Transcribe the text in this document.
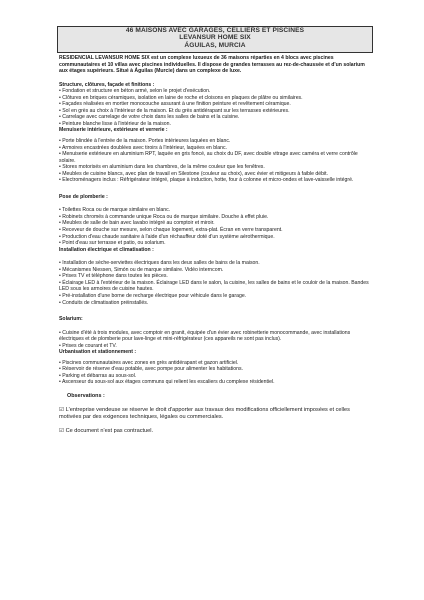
46 MAISONS AVEC GARAGES, CELLIERS ET PISCINES
LEVANSUR HOME SIX
ÁGUILAS, MURCIA

RESIDENCIAL LEVANSUR HOME SIX est un complexe luxueux de 36 maisons réparties en 4 blocs avec piscines communautaires et 10 villas avec piscines individuelles. Il dispose de grandes terrasses au rez-de-chaussée et d'un solarium aux étages supérieurs. Situé à Águilas (Murcie) dans un complexe de luxe.

Structure, clôtures, façade et finitions :

• Fondation et structure en béton armé, selon le projet d'exécution.

• Clôtures en briques céramiques, isolation en laine de roche et cloisons en plaques de plâtre ou similaires.

• Façades réalisées en mortier monocouche assurant à une finition peinture et revêtement céramique.

• Sol en grès au choix à l'intérieur de la maison. Et du grès antidérapant sur les terrasses extérieures.

• Carrelage avec carrelage de votre choix dans les salles de bains et la cuisine.

• Peinture blanche lisse à l'intérieur de la maison.

Menuiserie intérieure, extérieure et verrerie :

• Porte blindée à l'entrée de la maison. Portes intérieures laquées en blanc.

• Armoires encastrées doublées avec tiroirs à l'intérieur, laquées en blanc.

• Menuiserie extérieure en aluminium RPT, laquée en gris foncé, au choix du DF, avec double vitrage avec caméra et verre contrôle solaire.

• Stores motorisés en aluminium dans les chambres, de la même couleur que les fenêtres.

• Meubles de cuisine blancs, avec plan de travail en Silestone (couleur au choix), avec évier et mitigeurs à faible débit.

• Electroménagers inclus : Réfrigérateur intégré, plaque à induction, hotte, four à colonne et micro-ondes et lave-vaisselle intégré.

Pose de plomberie :

• Toilettes Roca ou de marque similaire en blanc.

• Robinets chromés à commande unique Roca ou de marque similaire. Douche à effet pluie.

• Meubles de salle de bain avec lavabo intégré au comptoir et miroir.

• Receveur de douche sur mesure, selon chaque logement, extra-plat. Écran en verre transparent.

• Production d'eau chaude sanitaire à l'aide d'un réchauffeur doté d'un système aérothermique.

• Point d'eau sur terrasse et patio, ou solarium.

Installation électrique et climatisation :

• Installation de sèche-serviettes électriques dans les deux salles de bains de la maison.

• Mécanismes Niessen, Simón ou de marque similaire. Vidéo interncom.

• Prises TV et téléphone dans toutes les pièces.

• Éclairage LED à l'extérieur de la maison. Éclairage LED dans le salon, la cuisine, les salles de bains et le couloir de la maison. Bandes LED sous les armoires de cuisine hautes.

• Pré-installation d'une borne de recharge électrique pour véhicule dans le garage.

• Conduits de climatisation préinstallés.

Solarium:

• Cuisine d'été à trois modules, avec comptoir en granit, équipée d'un évier avec robinetterie monocommande, avec installations électriques et de plomberie pour lave-linge et mini-réfrigérateur (ces appareils ne sont pas inclus).

• Prises de courant et TV.

Urbanisation et stationnement :

• Piscines communautaires avec zones en grès antidérapant et gazon artificiel.

• Réservoir de réserve d'eau potable, avec pompe pour alimenter les habitations.

• Parking et débarras au sous-sol.

• Ascenseur du sous-sol aux étages communs qui relient les escaliers du complexe résidentiel.

Observations :

☑ L'entreprise vendeuse se réserve le droit d'apporter aux travaux des modifications officiellement imposées et celles motivées par des exigences techniques, légales ou commerciales.

☑ Ce document n'est pas contractuel.
